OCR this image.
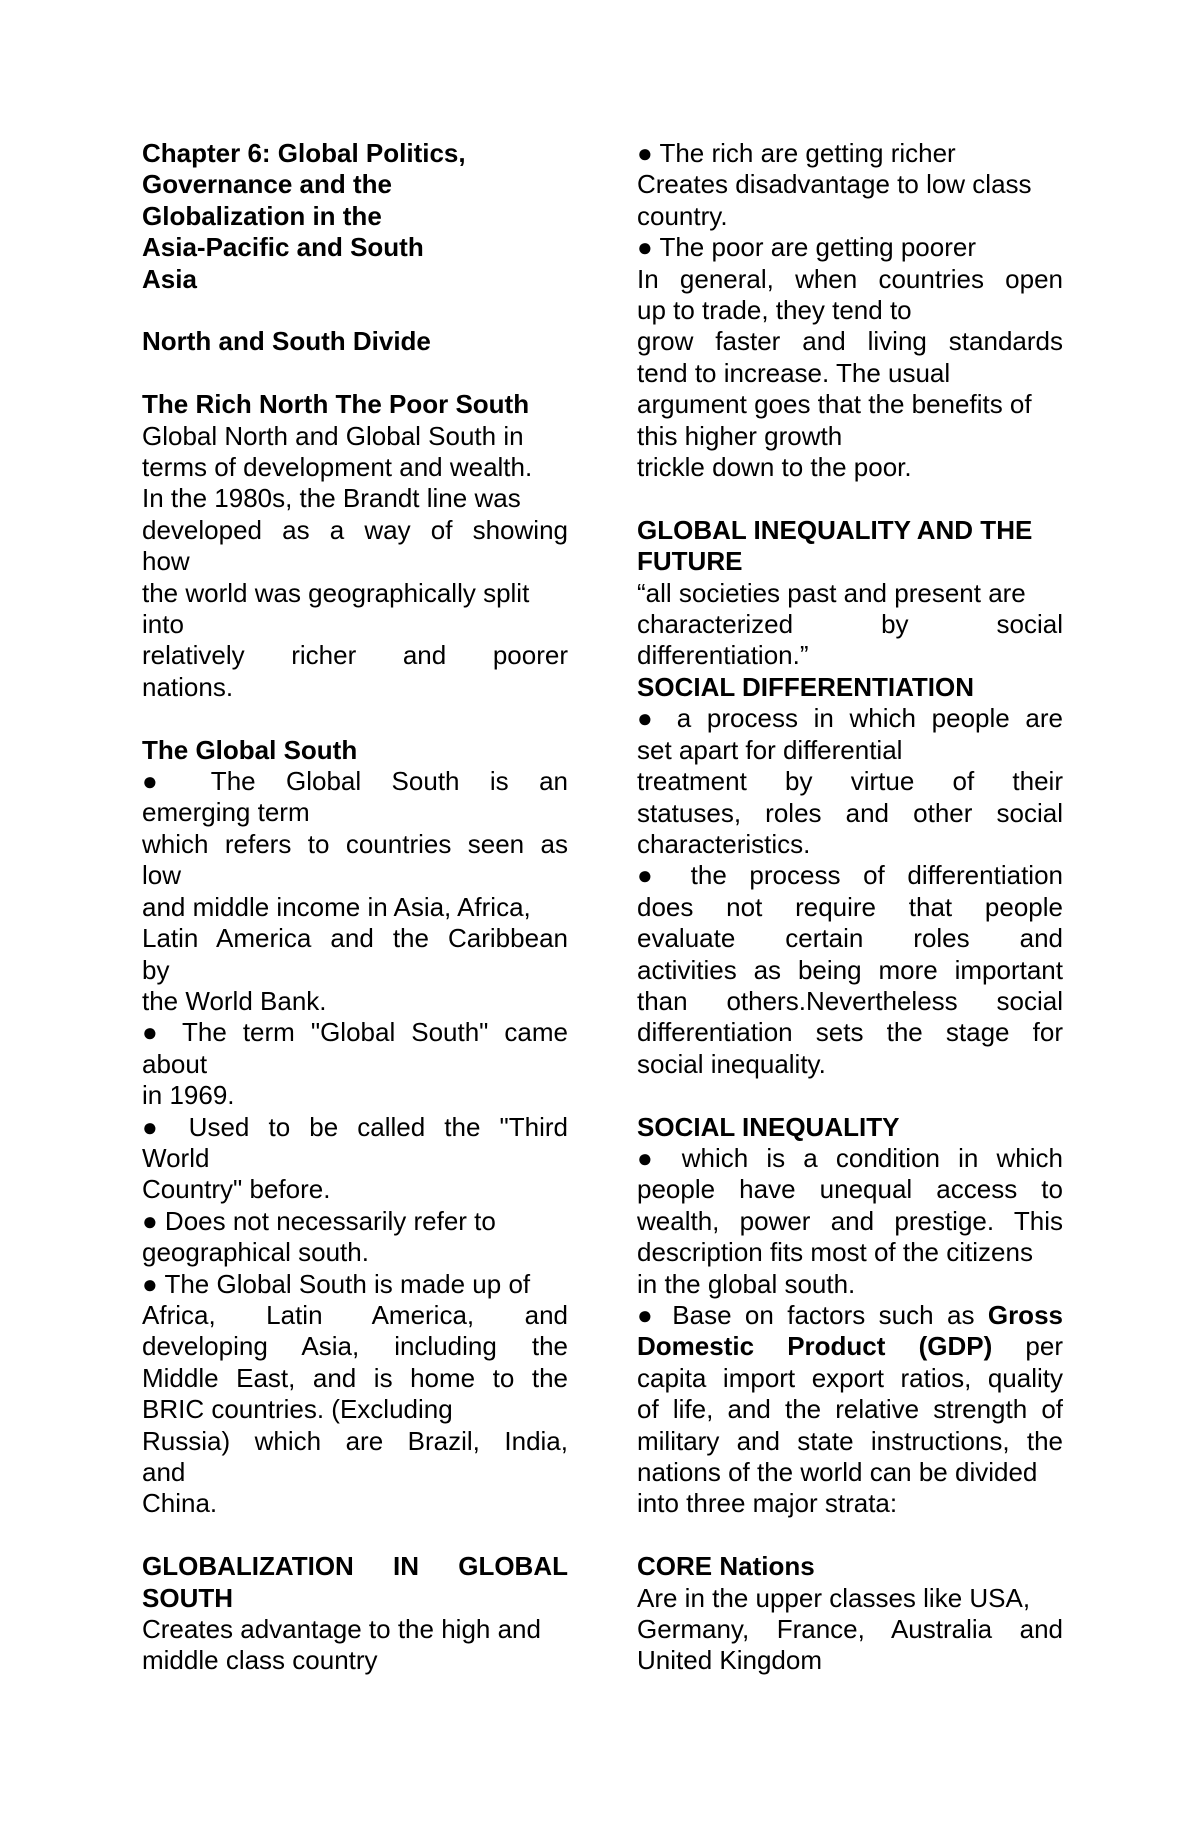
Chapter 6: Global Politics,
Governance and the
Globalization in the
Asia-Pacific and South
Asia
North and South Divide
The Rich North The Poor South
Global North and Global South in
terms of development and wealth.
In the 1980s, the Brandt line was
developed as a way of showing
how
the world was geographically split
into
relatively richer and poorer
nations.
The Global South
● The Global South is an
emerging term
which refers to countries seen as
low
and middle income in Asia, Africa,
Latin America and the Caribbean
by
the World Bank.
● The term "Global South" came
about
in 1969.
● Used to be called the "Third
World
Country" before.
● Does not necessarily refer to
geographical south.
● The Global South is made up of
Africa, Latin America, and
developing Asia, including the
Middle East, and is home to the
BRIC countries. (Excluding
Russia) which are Brazil, India,
and
China.
GLOBALIZATION IN GLOBAL
SOUTH
Creates advantage to the high and
middle class country
● The rich are getting richer
Creates disadvantage to low class
country.
● The poor are getting poorer
In general, when countries open
up to trade, they tend to
grow faster and living standards
tend to increase. The usual
argument goes that the benefits of
this higher growth
trickle down to the poor.
GLOBAL INEQUALITY AND THE
FUTURE
“all societies past and present are
characterized by social
differentiation.”
SOCIAL DIFFERENTIATION
● a process in which people are
set apart for differential
treatment by virtue of their
statuses, roles and other social
characteristics.
● the process of differentiation
does not require that people
evaluate certain roles and
activities as being more important
than others.Nevertheless social
differentiation sets the stage for
social inequality.
SOCIAL INEQUALITY
● which is a condition in which
people have unequal access to
wealth, power and prestige. This
description fits most of the citizens
in the global south.
● Base on factors such as Gross
Domestic Product (GDP) per
capita import export ratios, quality
of life, and the relative strength of
military and state instructions, the
nations of the world can be divided
into three major strata:
CORE Nations
Are in the upper classes like USA,
Germany, France, Australia and
United Kingdom
